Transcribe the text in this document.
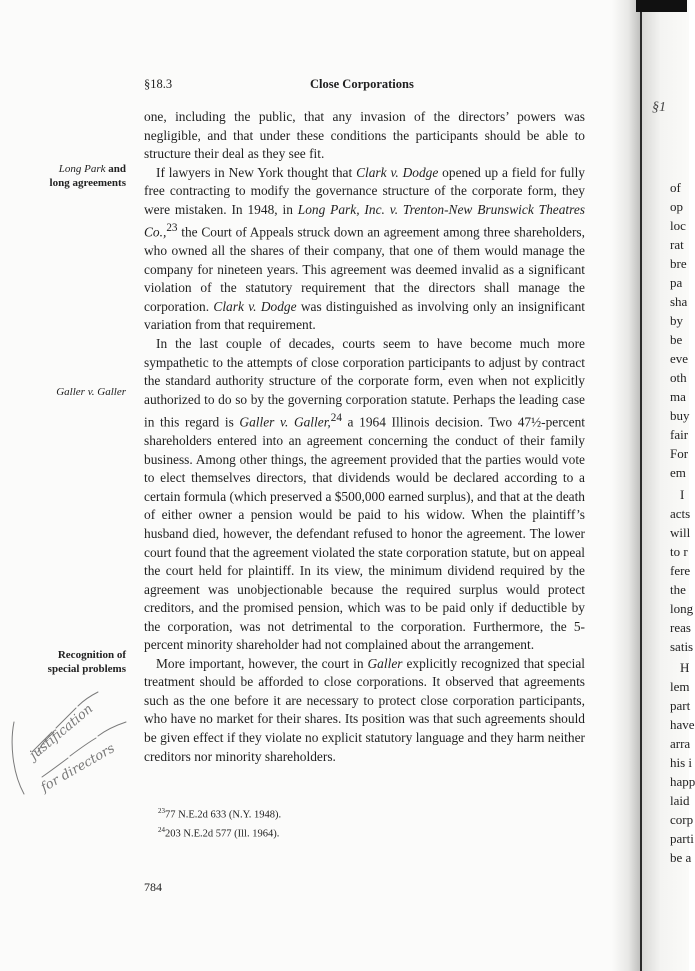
§18.3	Close Corporations
Long Park and
long agreements
Galler v. Galler
Recognition of
special problems

one, including the public, that any invasion of the directors’ powers was negligible, and that under these conditions the participants should be able to structure their deal as they see fit.

If lawyers in New York thought that Clark v. Dodge opened up a field for fully free contracting to modify the governance structure of the corporate form, they were mistaken. In 1948, in Long Park, Inc. v. Trenton-New Brunswick Theatres Co.,$^{23}$ the Court of Appeals struck down an agreement among three shareholders, who owned all the shares of their company, that one of them would manage the company for nineteen years. This agreement was deemed invalid as a significant violation of the statutory requirement that the directors shall manage the corporation. Clark v. Dodge was distinguished as involving only an insignificant variation from that requirement.

In the last couple of decades, courts seem to have become much more sympathetic to the attempts of close corporation participants to adjust by contract the standard authority structure of the corporate form, even when not explicitly authorized to do so by the governing corporation statute. Perhaps the leading case in this regard is Galler v. Galler,$^{24}$ a 1964 Illinois decision. Two 47½-percent shareholders entered into an agreement concerning the conduct of their family business. Among other things, the agreement provided that the parties would vote to elect themselves directors, that dividends would be declared according to a certain formula (which preserved a $500,000 earned surplus), and that at the death of either owner a pension would be paid to his widow. When the plaintiff’s husband died, however, the defendant refused to honor the agreement. The lower court found that the agreement violated the state corporation statute, but on appeal the court held for plaintiff. In its view, the minimum dividend required by the agreement was unobjectionable because the required surplus would protect creditors, and the promised pension, which was to be paid only if deductible by the corporation, was not detrimental to the corporation. Furthermore, the 5-percent minority shareholder had not complained about the arrangement.

More important, however, the court in Galler explicitly recognized that special treatment should be afforded to close corporations. It observed that agreements such as the one before it are necessary to protect close corporation participants, who have no market for their shares. Its position was that such agreements should be given effect if they violate no explicit statutory language and they harm neither creditors nor minority shareholders.

justification
for directors
$^{23}$77 N.E.2d 633 (N.Y. 1948).
$^{24}$203 N.E.2d 577 (Ill. 1964).
784
§1
of
op
loc
rat
bre
pa
sha
by
be
eve
oth
ma
buy
fair
For
em
I
acts
will
to r
fere
the
long
reas
satis
H
lem
part
have
arra
his i
happ
laid
corp
parti
be a
